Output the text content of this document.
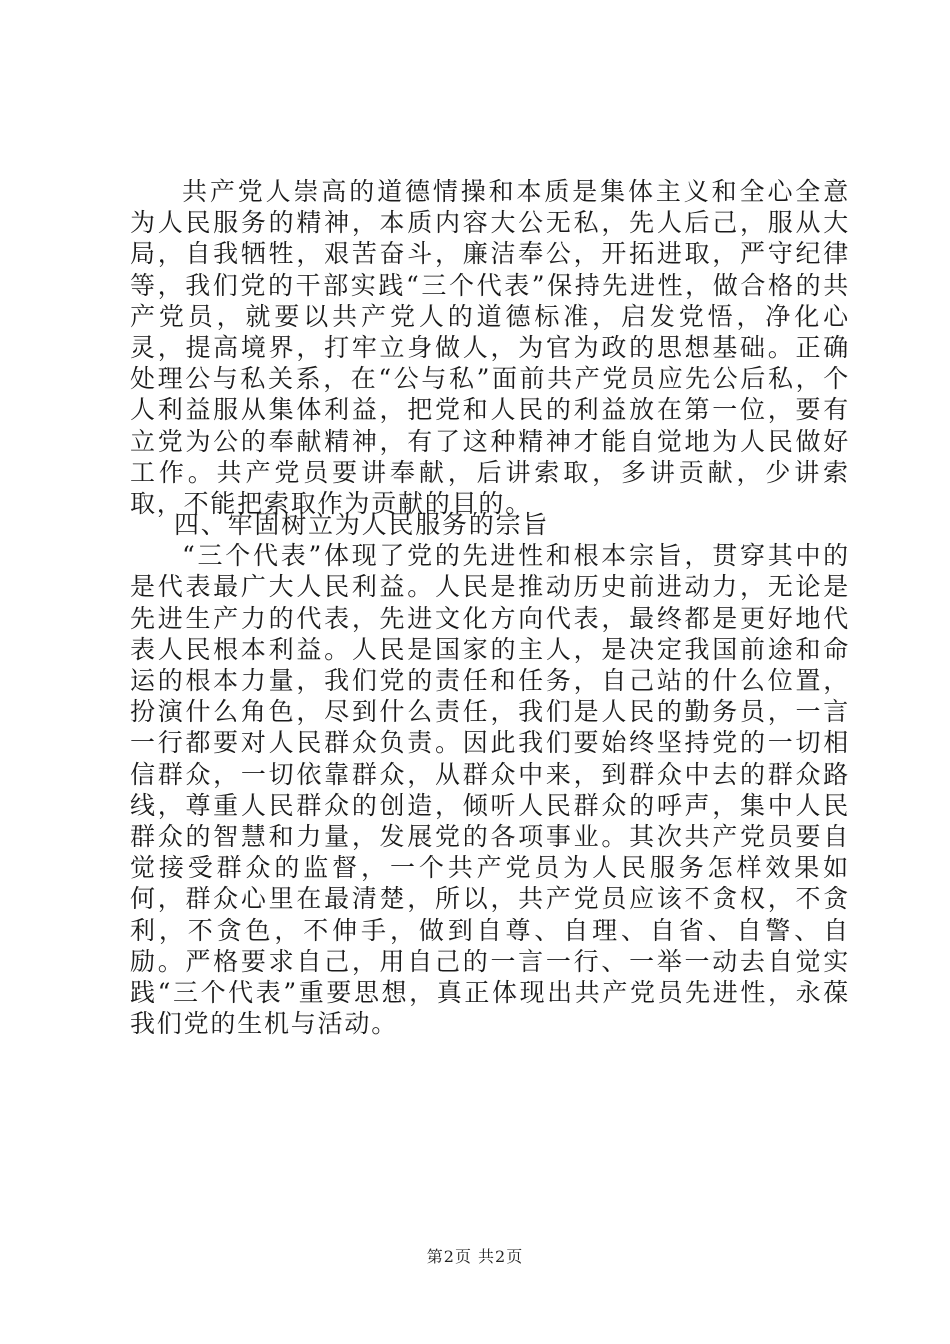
共产党人崇高的道德情操和本质是集体主义和全心全意为人民服务的精神，本质内容大公无私，先人后己，服从大局，自我牺牲，艰苦奋斗，廉洁奉公，开拓进取，严守纪律等，我们党的干部实践“三个代表”保持先进性，做合格的共产党员，就要以共产党人的道德标准，启发党悟，净化心灵，提高境界，打牢立身做人，为官为政的思想基础。正确处理公与私关系，在“公与私”面前共产党员应先公后私，个人利益服从集体利益，把党和人民的利益放在第一位，要有立党为公的奉献精神，有了这种精神才能自觉地为人民做好工作。共产党员要讲奉献，后讲索取，多讲贡献，少讲索取，不能把索取作为贡献的目的。

四、牢固树立为人民服务的宗旨

“三个代表”体现了党的先进性和根本宗旨，贯穿其中的是代表最广大人民利益。人民是推动历史前进动力，无论是先进生产力的代表，先进文化方向代表，最终都是更好地代表人民根本利益。人民是国家的主人，是决定我国前途和命运的根本力量，我们党的责任和任务，自己站的什么位置，扮演什么角色，尽到什么责任，我们是人民的勤务员，一言一行都要对人民群众负责。因此我们要始终坚持党的一切相信群众，一切依靠群众，从群众中来，到群众中去的群众路线，尊重人民群众的创造，倾听人民群众的呼声，集中人民群众的智慧和力量，发展党的各项事业。其次共产党员要自觉接受群众的监督，一个共产党员为人民服务怎样效果如何，群众心里在最清楚，所以，共产党员应该不贪权，不贪利，不贪色，不伸手，做到自尊、自理、自省、自警、自励。严格要求自己，用自己的一言一行、一举一动去自觉实践“三个代表”重要思想，真正体现出共产党员先进性，永葆我们党的生机与活动。

第2页 共2页
